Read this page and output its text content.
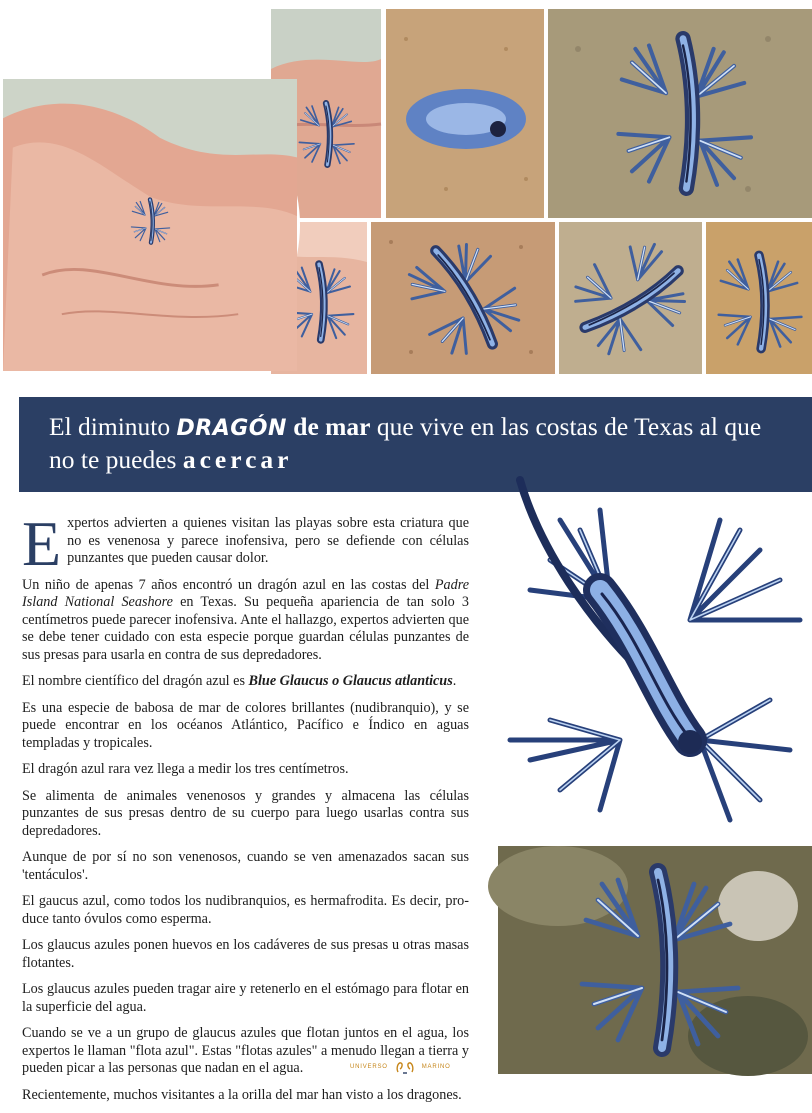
El diminuto DRAGÓN de mar que vive en las costas de Texas al que no te puedes acercar

Expertos advierten a quienes visitan las playas sobre esta criatura que no es venenosa y parece inofensiva, pero se defiende con células punzantes que pueden causar dolor.

Un niño de apenas 7 años encontró un dragón azul en las costas del Padre Island National Seashore en Texas. Su pequeña apariencia de tan solo 3 centímetros puede parecer inofensiva. Ante el hallazgo, expertos advierten que se debe tener cuidado con esta especie porque guardan células punzantes de sus presas para usarla en contra de sus depredadores.

El nombre científico del dragón azul es Blue Glaucus o Glaucus atlanticus.

Es una especie de babosa de mar de colores brillantes (nudibranquio), y se puede encontrar en los océanos Atlántico, Pacífico e Índico en aguas templadas y tropicales.

El dragón azul rara vez llega a medir los tres centímetros.

Se alimenta de animales venenosos y grandes y almacena las células punzantes de sus presas dentro de su cuerpo para luego usarlas contra sus depredadores.

Aunque de por sí no son venenosos, cuando se ven amenazados sacan sus 'tentáculos'.

El gaucus azul, como todos los nudibranquios, es hermafrodita. Es decir, pro-duce tanto óvulos como esperma.

Los glaucus azules ponen huevos en los cadáveres de sus presas u otras masas flotantes.

Los glaucus azules pueden tragar aire y retenerlo en el estómago para flotar en la superficie del agua.

Cuando se ve a un grupo de glaucus azules que flotan juntos en el agua, los expertos le llaman "flota azul". Estas "flotas azules" a menudo llegan a tierra y pueden picar a las personas que nadan en el agua.

Recientemente, muchos visitantes a la orilla del mar han visto a los dragones.

UNIVERSO	MARINO
